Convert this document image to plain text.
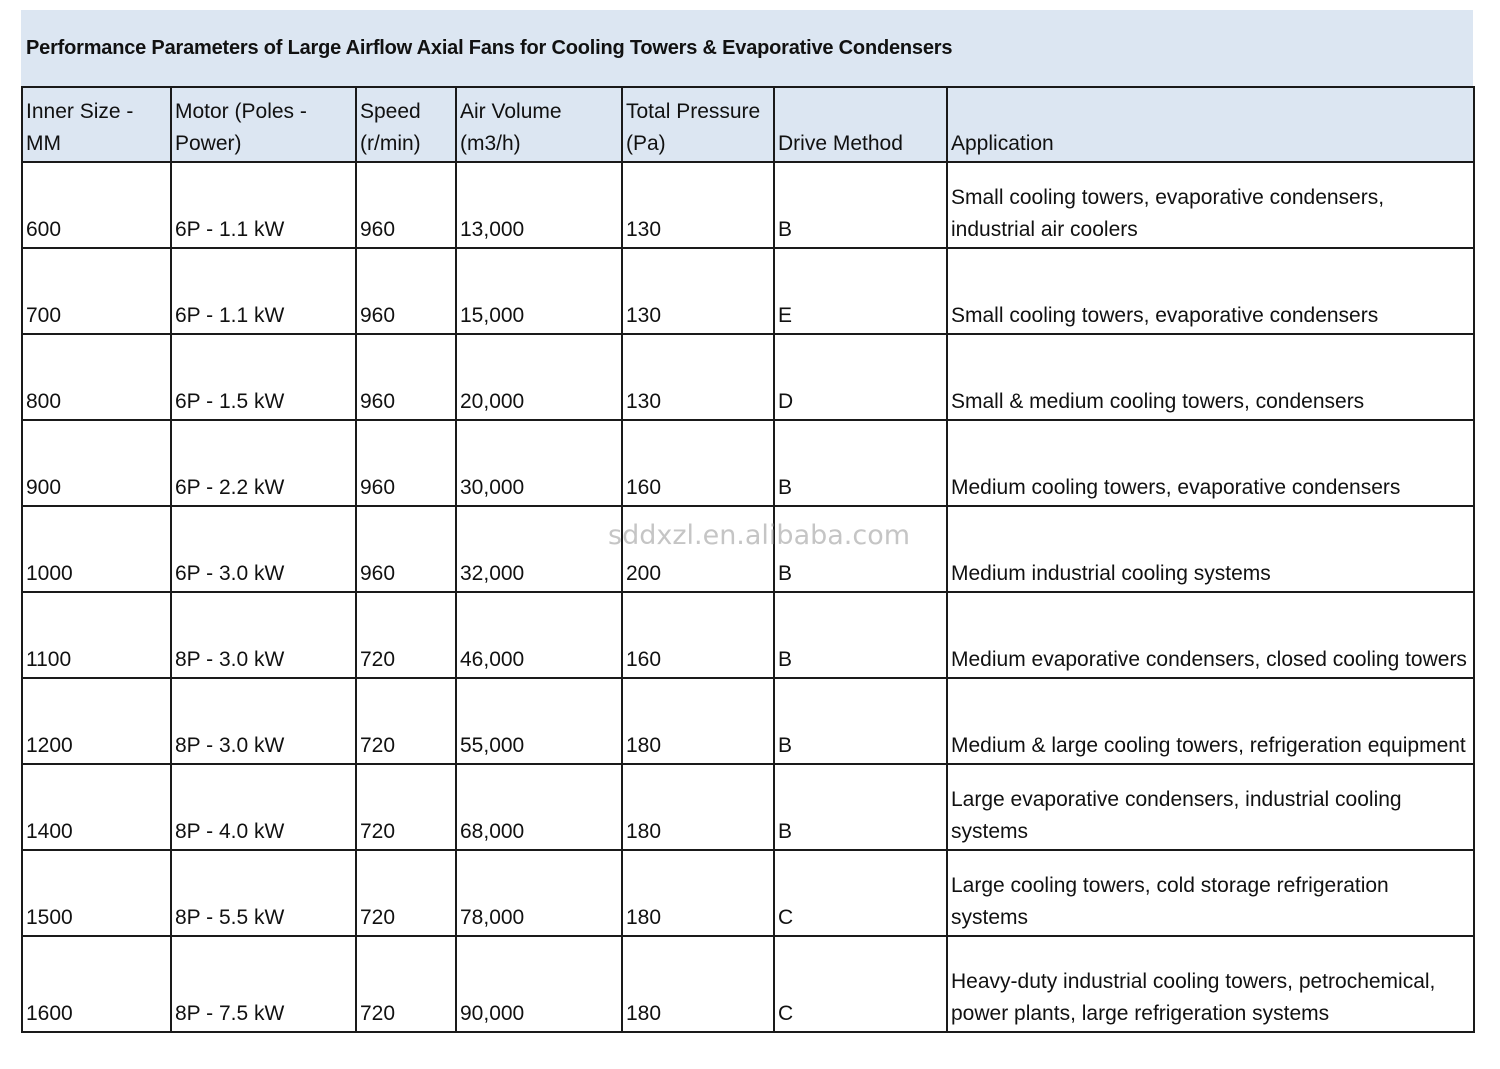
Performance Parameters of Large Airflow Axial Fans for Cooling Towers & Evaporative Condensers
Inner Size -MM	Motor (Poles - Power)	Speed (r/min)	Air Volume (m3/h)	Total Pressure (Pa)	Drive Method	Application
600	6P - 1.1 kW	960	13,000	130	B	Small cooling towers, evaporative condensers, industrial air coolers
700	6P - 1.1 kW	960	15,000	130	E	Small cooling towers, evaporative condensers
800	6P - 1.5 kW	960	20,000	130	D	Small & medium cooling towers, condensers
900	6P - 2.2 kW	960	30,000	160	B	Medium cooling towers, evaporative condensers
1000	6P - 3.0 kW	960	32,000	200	B	Medium industrial cooling systems
1100	8P - 3.0 kW	720	46,000	160	B	Medium evaporative condensers, closed cooling towers
1200	8P - 3.0 kW	720	55,000	180	B	Medium & large cooling towers, refrigeration equipment
1400	8P - 4.0 kW	720	68,000	180	B	Large evaporative condensers, industrial cooling systems
1500	8P - 5.5 kW	720	78,000	180	C	Large cooling towers, cold storage refrigeration systems
1600	8P - 7.5 kW	720	90,000	180	C	Heavy-duty industrial cooling towers, petrochemical, power plants, large refrigeration systems
sddxzl.en.alibaba.com
